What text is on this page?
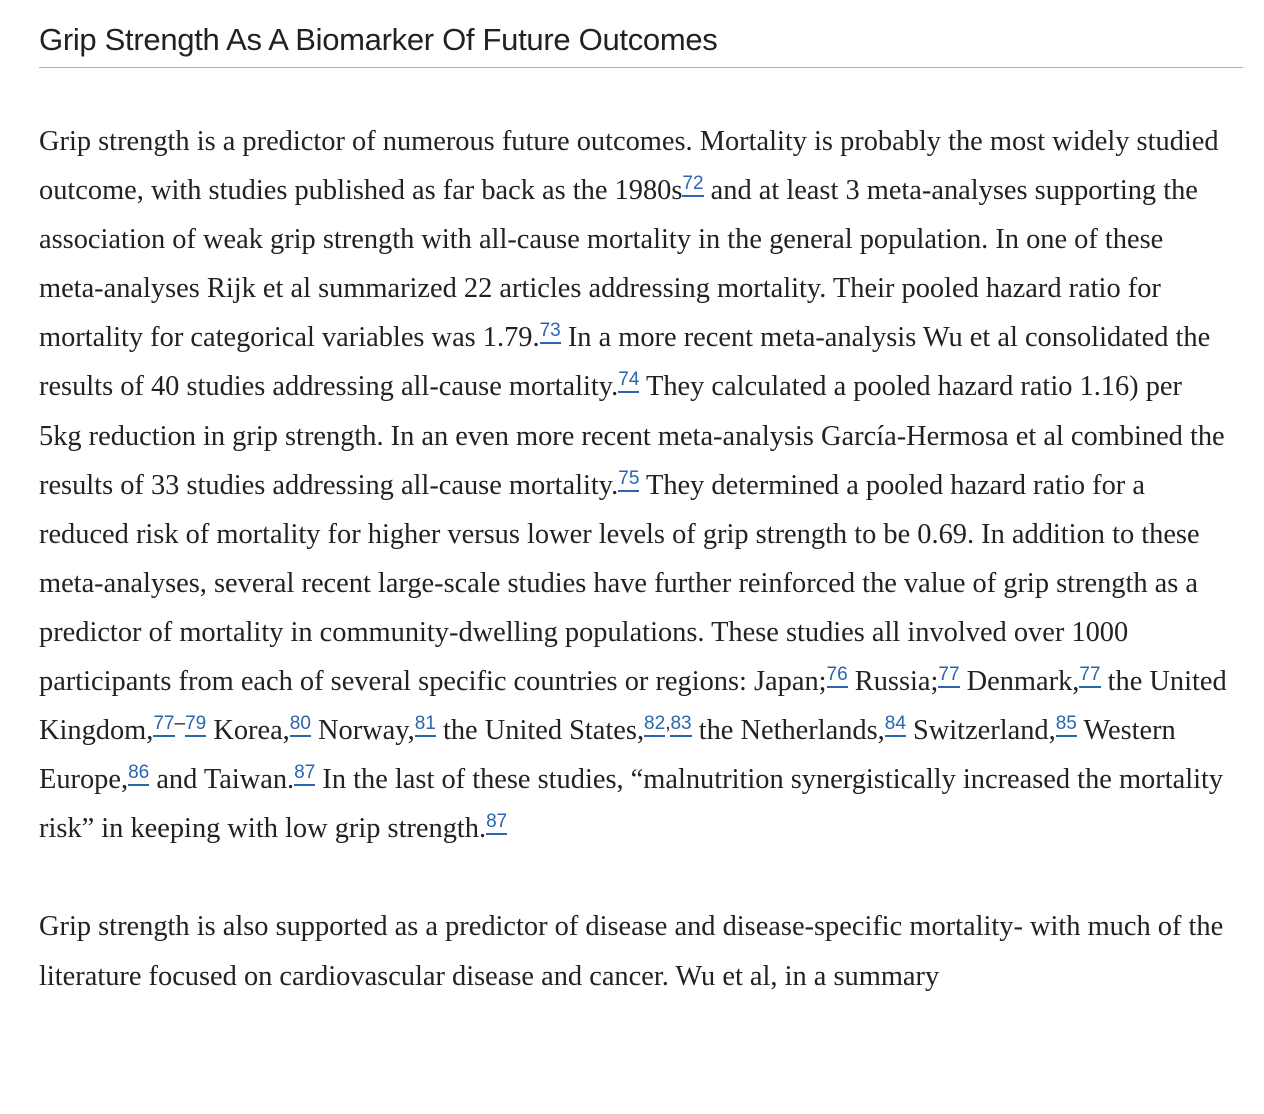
Grip Strength As A Biomarker Of Future Outcomes

Grip strength is a predictor of numerous future outcomes. Mortality is probably the most widely studied outcome, with studies published as far back as the 1980s$^{72}$ and at least 3 meta-analyses supporting the association of weak grip strength with all-cause mortality in the general population. In one of these meta-analyses Rijk et al summarized 22 articles addressing mortality. Their pooled hazard ratio for mortality for categorical variables was 1.79.73 In a more recent meta-analysis Wu et al consolidated the results of 40 studies addressing all-cause mortality.$^{74}$ They calculated a pooled hazard ratio 1.16) per 5kg reduction in grip strength. In an even more recent meta-analysis García-Hermosa et al combined the results of 33 studies addressing all-cause mortality.$^{75}$ They determined a pooled hazard ratio for a reduced risk of mortality for higher versus lower levels of grip strength to be 0.69. In addition to these meta-analyses, several recent large-scale studies have further reinforced the value of grip strength as a predictor of mortality in community-dwelling populations. These studies all involved over 1000 participants from each of several specific countries or regions: Japan;$^{76}$ Russia;$^{77}$ Denmark,$^{77}$ the United Kingdom,$^{77-79}$ Korea,$^{80}$ Norway,$^{81}$ the United States,$^{82,83}$ the Netherlands,$^{84}$ Switzerland,$^{85}$ Western Europe,$^{86}$ and Taiwan.$^{87}$ In the last of these studies, “malnutrition synergistically increased the mortality risk” in keeping with low grip strength.$^{87}$

Grip strength is also supported as a predictor of disease and disease-specific mortality- with much of the literature focused on cardiovascular disease and cancer. Wu et al, in a summary
